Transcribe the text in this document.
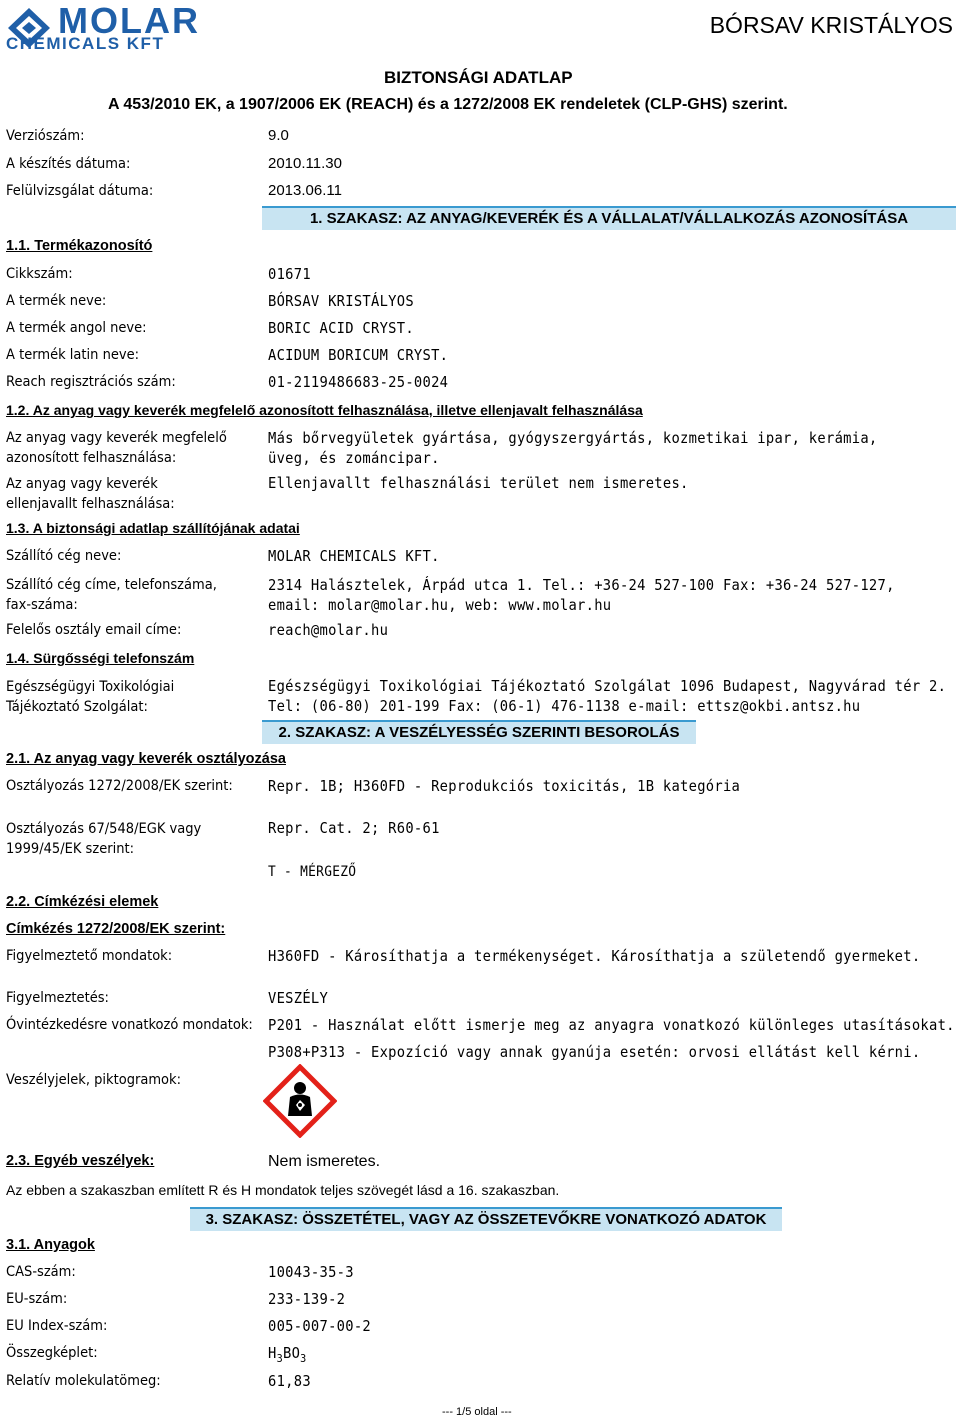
MOLAR
CHEMICALS KFT
BÓRSAV KRISTÁLYOS
BIZTONSÁGI ADATLAP
A 453/2010 EK, a 1907/2006 EK (REACH) és a 1272/2008 EK rendeletek (CLP-GHS) szerint.
Verziószám:	9.0
A készítés dátuma:	2010.11.30
Felülvizsgálat dátuma:	2013.06.11
1. SZAKASZ: AZ ANYAG/KEVERÉK ÉS A VÁLLALAT/VÁLLALKOZÁS AZONOSÍTÁSA
1.1. Termékazonosító
Cikkszám:	01671
A termék neve:	BÓRSAV KRISTÁLYOS
A termék angol neve:	BORIC ACID CRYST.
A termék latin neve:	ACIDUM BORICUM CRYST.
Reach regisztrációs szám:	01-2119486683-25-0024
1.2. Az anyag vagy keverék megfelelő azonosított felhasználása, illetve ellenjavalt felhasználása
Az anyag vagy keverék megfelelő azonosított felhasználása:
Más bőrvegyületek gyártása, gyógyszergyártás, kozmetikai ipar, kerámia, üveg, és zománcipar.
Az anyag vagy keverék ellenjavallt felhasználása:
Ellenjavallt felhasználási terület nem ismeretes.
1.3. A biztonsági adatlap szállítójának adatai
Szállító cég neve:	MOLAR CHEMICALS KFT.
Szállító cég címe, telefonszáma, fax-száma:
2314 Halásztelek, Árpád utca 1. Tel.: +36-24 527-100 Fax: +36-24 527-127, email: molar@molar.hu, web: www.molar.hu
Felelős osztály email címe:	reach@molar.hu
1.4. Sürgősségi telefonszám
Egészségügyi Toxikológiai Tájékoztató Szolgálat:
Egészségügyi Toxikológiai Tájékoztató Szolgálat 1096 Budapest, Nagyvárad tér 2.
Tel: (06-80) 201-199 Fax: (06-1) 476-1138 e-mail: ettsz@okbi.antsz.hu
2. SZAKASZ: A VESZÉLYESSÉG SZERINTI BESOROLÁS
2.1. Az anyag vagy keverék osztályozása
Osztályozás 1272/2008/EK szerint: Repr. 1B; H360FD - Reprodukciós toxicitás, 1B kategória
Osztályozás 67/548/EGK vagy 1999/45/EK szerint:
Repr. Cat. 2; R60-61
T - MÉRGEZŐ
2.2. Címkézési elemek
Címkézés 1272/2008/EK szerint:
Figyelmeztető mondatok:	H360FD - Károsíthatja a termékenységet. Károsíthatja a születendő gyermeket.
Figyelmeztetés:	VESZÉLY
Óvintézkedésre vonatkozó mondatok: P201 - Használat előtt ismerje meg az anyagra vonatkozó különleges utasításokat.
P308+P313 - Expozíció vagy annak gyanúja esetén: orvosi ellátást kell kérni.
Veszélyjelek, piktogramok:
2.3. Egyéb veszélyek:	Nem ismeretes.
Az ebben a szakaszban említett R és H mondatok teljes szövegét lásd a 16. szakaszban.
3. SZAKASZ: ÖSSZETÉTEL, VAGY AZ ÖSSZETEVŐKRE VONATKOZÓ ADATOK
3.1. Anyagok
CAS-szám:	10043-35-3
EU-szám:	233-139-2
EU Index-szám:	005-007-00-2
Összegképlet:	$H_3BO_3$
Relatív molekulatömeg:	61,83
--- 1/5 oldal ---
